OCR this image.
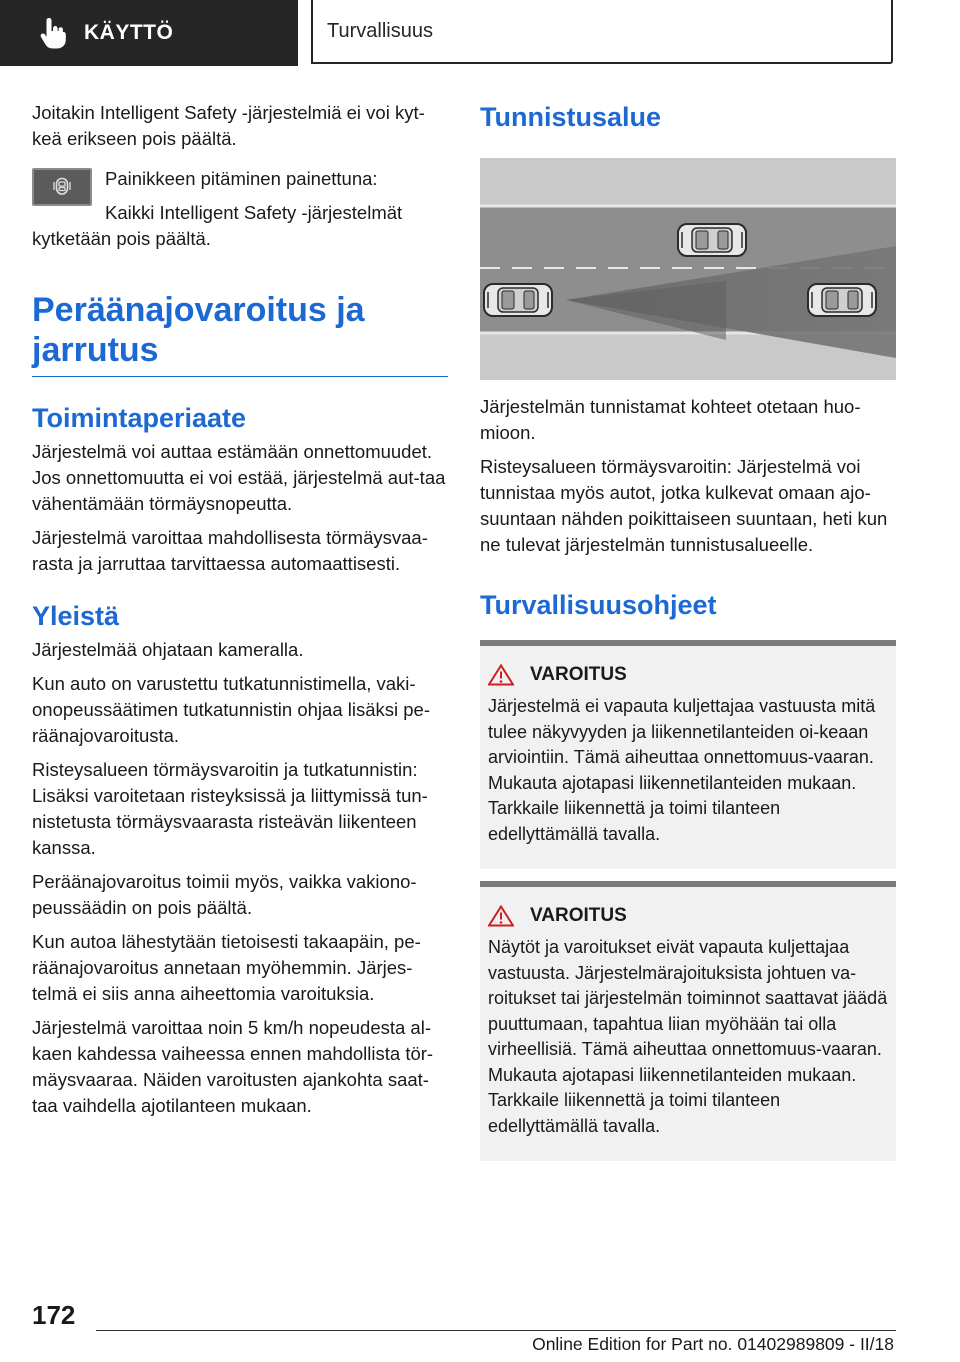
KÄYTTÖ	Turvallisuus

Joitakin Intelligent Safety -järjestelmiä ei voi kyt-keä erikseen pois päältä.

Painikkeen pitäminen painettuna:

Kaikki Intelligent Safety -järjestelmät kytketään pois päältä.

Peräänajovaroitus ja jarrutus
Toimintaperiaate

Järjestelmä voi auttaa estämään onnettomuudet. Jos onnettomuutta ei voi estää, järjestelmä aut-taa vähentämään törmäysnopeutta.

Järjestelmä varoittaa mahdollisesta törmäysvaa-rasta ja jarruttaa tarvittaessa automaattisesti.

Yleistä

Järjestelmää ohjataan kameralla.

Kun auto on varustettu tutkatunnistimella, vaki-onopeussäätimen tutkatunnistin ohjaa lisäksi pe-räänajovaroitusta.

Risteysalueen törmäysvaroitin ja tutkatunnistin: Lisäksi varoitetaan risteyksissä ja liittymissä tun-nistetusta törmäysvaarasta risteävän liikenteen kanssa.

Peräänajovaroitus toimii myös, vaikka vakiono-peussäädin on pois päältä.

Kun autoa lähestytään tietoisesti takaapäin, pe-räänajovaroitus annetaan myöhemmin. Järjes-telmä ei siis anna aiheettomia varoituksia.

Järjestelmä varoittaa noin 5 km/h nopeudesta al-kaen kahdessa vaiheessa ennen mahdollista tör-mäysvaaraa. Näiden varoitusten ajankohta saat-taa vaihdella ajotilanteen mukaan.

Tunnistusalue

Järjestelmän tunnistamat kohteet otetaan huo-mioon.

Risteysalueen törmäysvaroitin: Järjestelmä voi tunnistaa myös autot, jotka kulkevat omaan ajo-suuntaan nähden poikittaiseen suuntaan, heti kun ne tulevat järjestelmän tunnistusalueelle.

Turvallisuusohjeet
VAROITUS

Järjestelmä ei vapauta kuljettajaa vastuusta mitä tulee näkyvyyden ja liikennetilanteiden oi-keaan arviointiin. Tämä aiheuttaa onnettomuus-vaaran. Mukauta ajotapasi liikennetilanteiden mukaan. Tarkkaile liikennettä ja toimi tilanteen edellyttämällä tavalla.

VAROITUS

Näytöt ja varoitukset eivät vapauta kuljettajaa vastuusta. Järjestelmärajoituksista johtuen va-roitukset tai järjestelmän toiminnot saattavat jäädä puuttumaan, tapahtua liian myöhään tai olla virheellisiä. Tämä aiheuttaa onnettomuus-vaaran. Mukauta ajotapasi liikennetilanteiden mukaan. Tarkkaile liikennettä ja toimi tilanteen edellyttämällä tavalla.

172
Online Edition for Part no. 01402989809 - II/18
